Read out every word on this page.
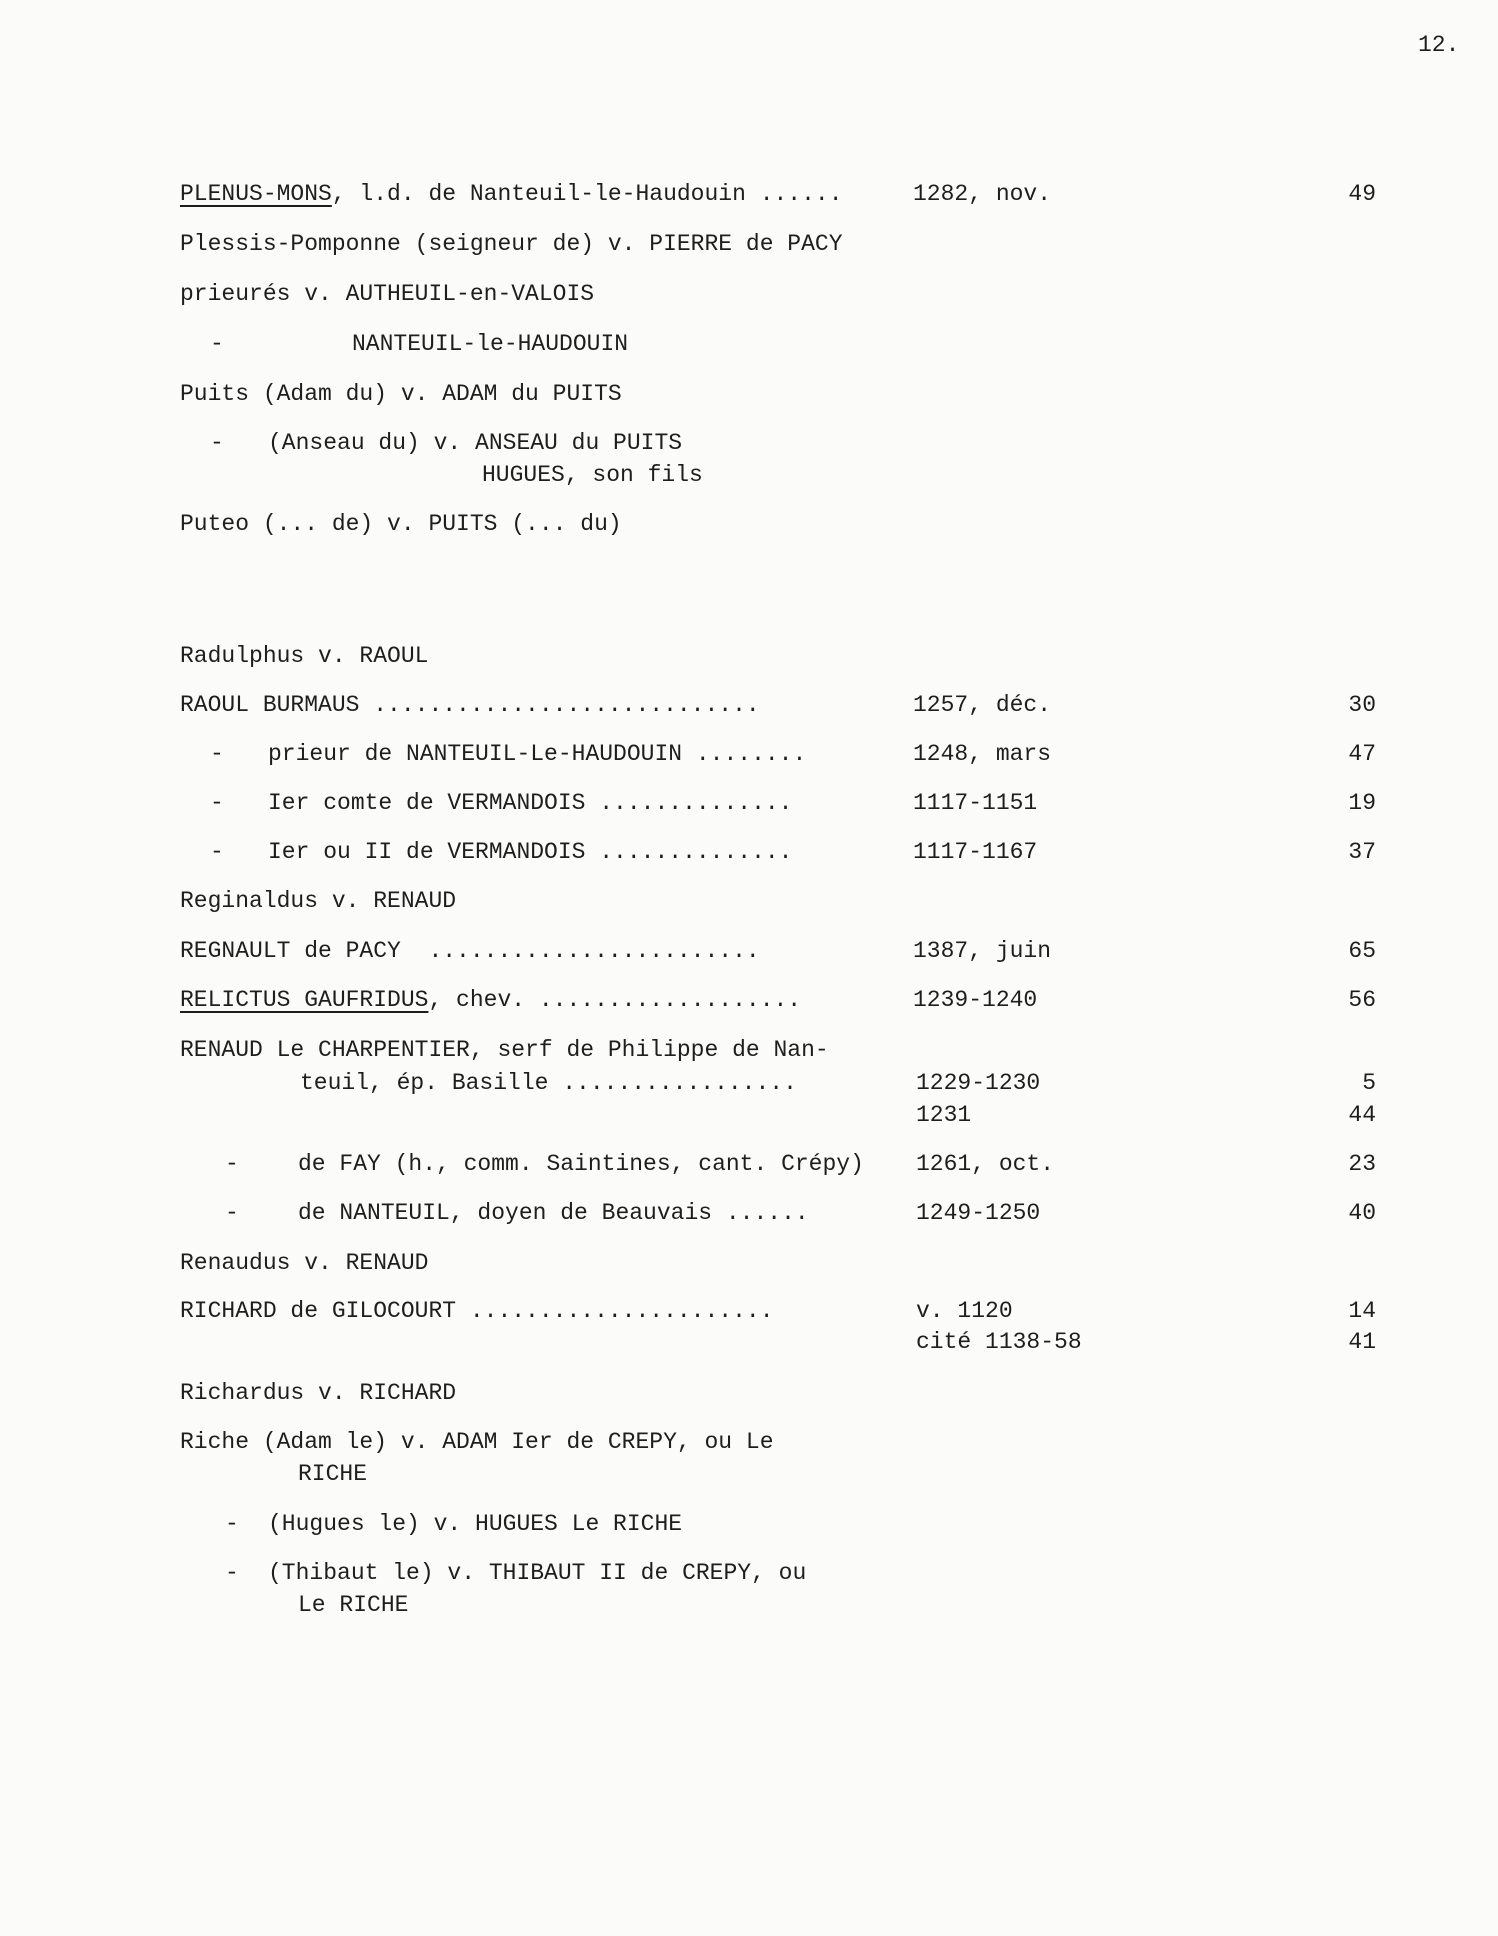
12.
PLENUS-MONS, l.d. de Nanteuil-le-Haudouin ......	1282, nov.	49
Plessis-Pomponne (seigneur de) v. PIERRE de PACY
prieurés v. AUTHEUIL-en-VALOIS
-	NANTEUIL-le-HAUDOUIN
Puits (Adam du) v. ADAM du PUITS
- (Anseau du) v. ANSEAU du PUITS
HUGUES, son fils
Puteo (... de) v. PUITS (... du)
Radulphus v. RAOUL
RAOUL BURMAUS ............................	1257, déc.	30
- prieur de NANTEUIL-Le-HAUDOUIN ........	1248, mars	47
- Ier comte de VERMANDOIS ..............	1117-1151	19
- Ier ou II de VERMANDOIS ..............	1117-1167	37
Reginaldus v. RENAUD
REGNAULT de PACY  ........................	1387, juin	65
RELICTUS GAUFRIDUS, chev. ...................	1239-1240	56
RENAUD Le CHARPENTIER, serf de Philippe de Nan-
teuil, ép. Basille .................	1229-1230	5
1231	44
-	de FAY (h., comm. Saintines, cant. Crépy) 1261, oct.	23
-	de NANTEUIL, doyen de Beauvais ......	1249-1250	40
Renaudus v. RENAUD
RICHARD de GILOCOURT ......................	v. 1120	14
cité 1138-58	41
Richardus v. RICHARD
Riche (Adam le) v. ADAM Ier de CREPY, ou Le
RICHE
- (Hugues le) v. HUGUES Le RICHE
- (Thibaut le) v. THIBAUT II de CREPY, ou
Le RICHE
